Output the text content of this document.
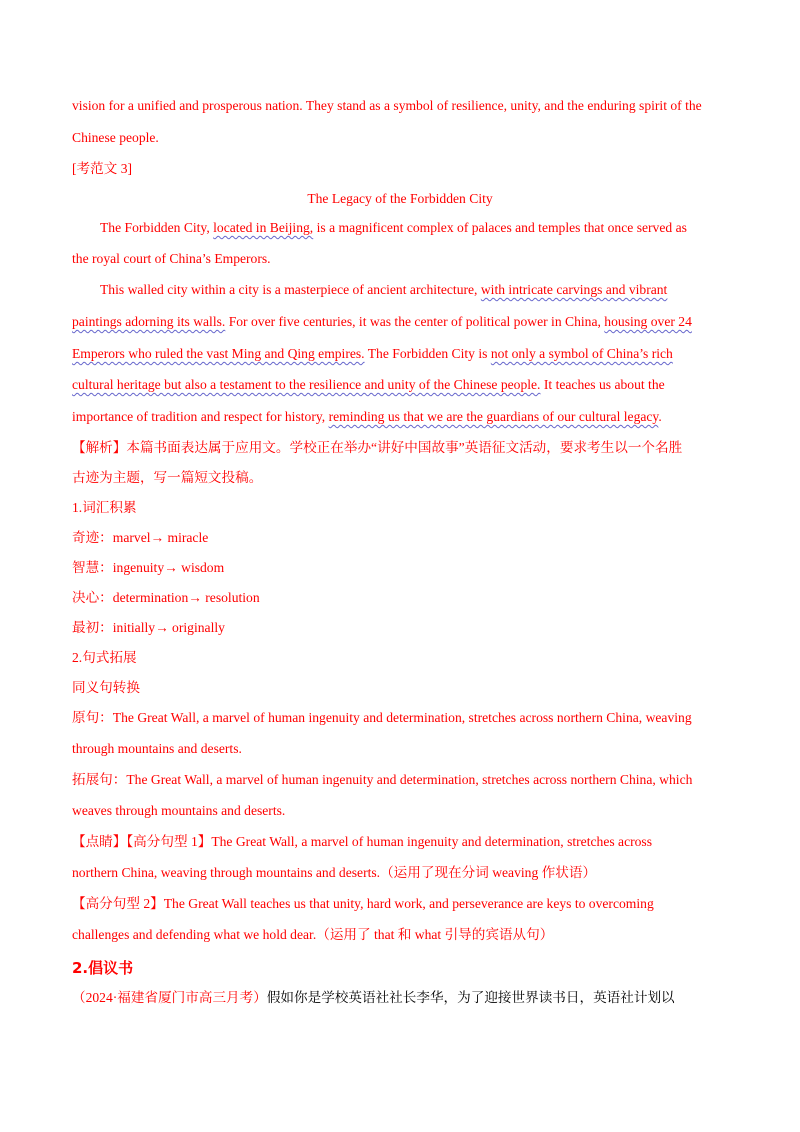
vision for a unified and prosperous nation. They stand as a symbol of resilience, unity, and the enduring spirit of the
Chinese people.
[考范文 3]
The Legacy of the Forbidden City
The Forbidden City, located in Beijing, is a magnificent complex of palaces and temples that once served as
the royal court of China’s Emperors.
This walled city within a city is a masterpiece of ancient architecture, with intricate carvings and vibrant
paintings adorning its walls. For over five centuries, it was the center of political power in China, housing over 24
Emperors who ruled the vast Ming and Qing empires. The Forbidden City is not only a symbol of China’s rich
cultural heritage but also a testament to the resilience and unity of the Chinese people. It teaches us about the
importance of tradition and respect for history, reminding us that we are the guardians of our cultural legacy.
【解析】本篇书面表达属于应用文。学校正在举办“讲好中国故事”英语征文活动，要求考生以一个名胜
古迹为主题，写一篇短文投稿。
1.词汇积累
奇迹：marvel→ miracle
智慧：ingenuity→ wisdom
决心：determination→ resolution
最初：initially→ originally
2.句式拓展
同义句转换
原句：The Great Wall, a marvel of human ingenuity and determination, stretches across northern China, weaving
through mountains and deserts.
拓展句：The Great Wall, a marvel of human ingenuity and determination, stretches across northern China, which
weaves through mountains and deserts.
【点睛】【高分句型 1】The Great Wall, a marvel of human ingenuity and determination, stretches across
northern China, weaving through mountains and deserts.（运用了现在分词 weaving 作状语）
【高分句型 2】The Great Wall teaches us that unity, hard work, and perseverance are keys to overcoming
challenges and defending what we hold dear.（运用了 that 和 what 引导的宾语从句）
2.倡议书
（2024·福建省厦门市高三月考）假如你是学校英语社社长李华，为了迎接世界读书日，英语社计划以
